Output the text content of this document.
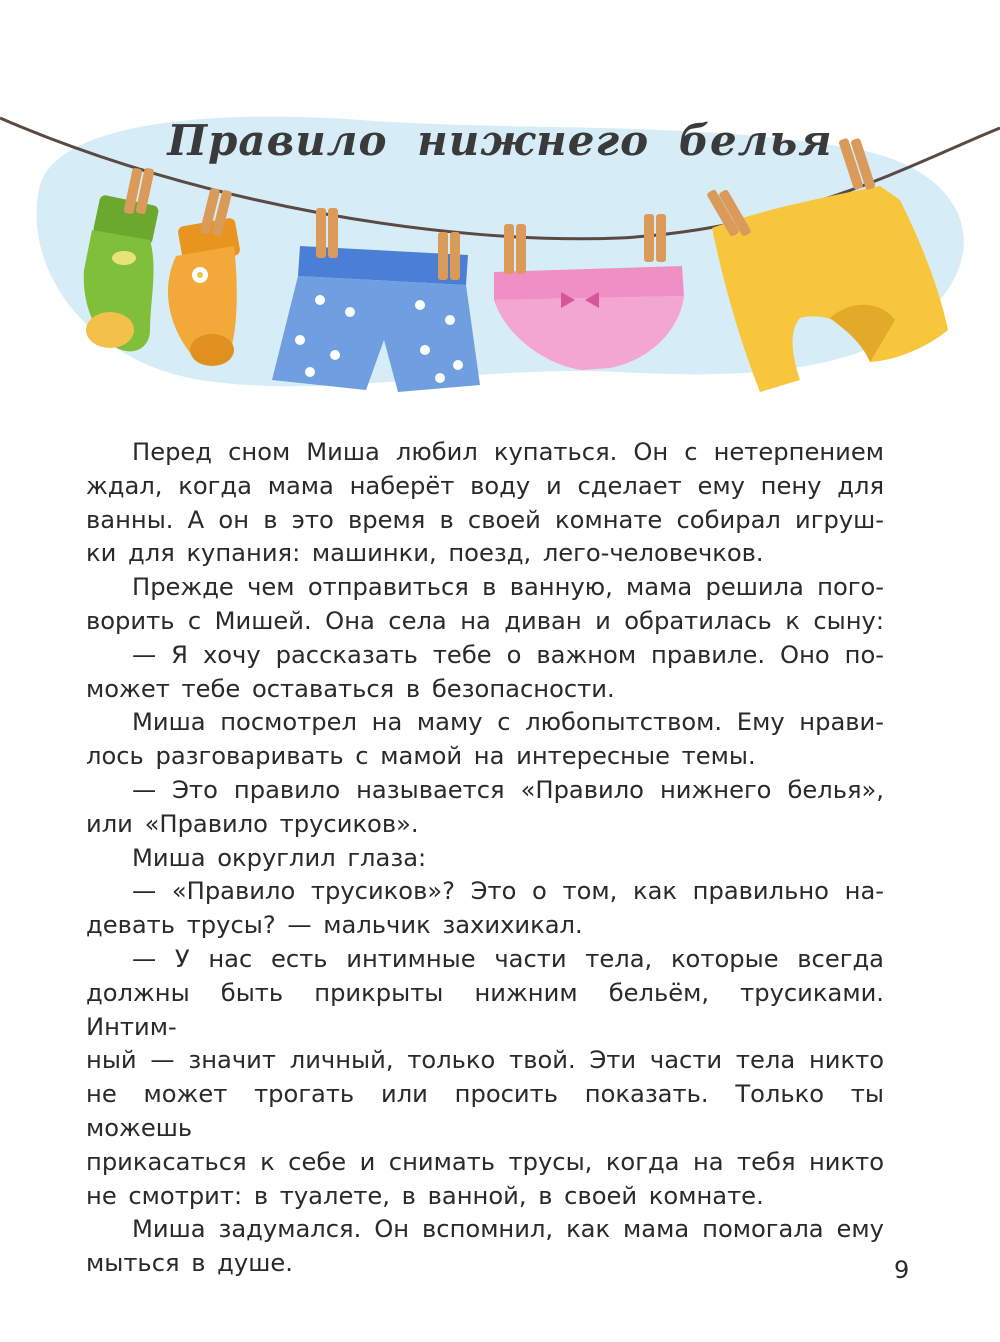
Правило нижнего белья

Перед сном Миша любил купаться. Он с нетерпением ждал, когда мама наберёт воду и сделает ему пену для ванны. А он в это время в своей комнате собирал игруш-

ки для купания: машинки, поезд, лего-человечков.

Прежде чем отправиться в ванную, мама решила пого-

ворить с Мишей. Она села на диван и обратилась к сыну:

— Я хочу рассказать тебе о важном правиле. Оно по-

может тебе оставаться в безопасности.

Миша посмотрел на маму с любопытством. Ему нрави-

лось разговаривать с мамой на интересные темы.

— Это правило называется «Правило нижнего белья»,

или «Правило трусиков».

Миша округлил глаза:

— «Правило трусиков»? Это о том, как правильно на-

девать трусы? — мальчик захихикал.

— У нас есть интимные части тела, которые всегда

должны быть прикрыты нижним бельём, трусиками. Интим-

ный — значит личный, только твой. Эти части тела никто

не может трогать или просить показать. Только ты можешь

прикасаться к себе и снимать трусы, когда на тебя никто

не смотрит: в туалете, в ванной, в своей комнате.

Миша задумался. Он вспомнил, как мама помогала ему

мыться в душе.	9
